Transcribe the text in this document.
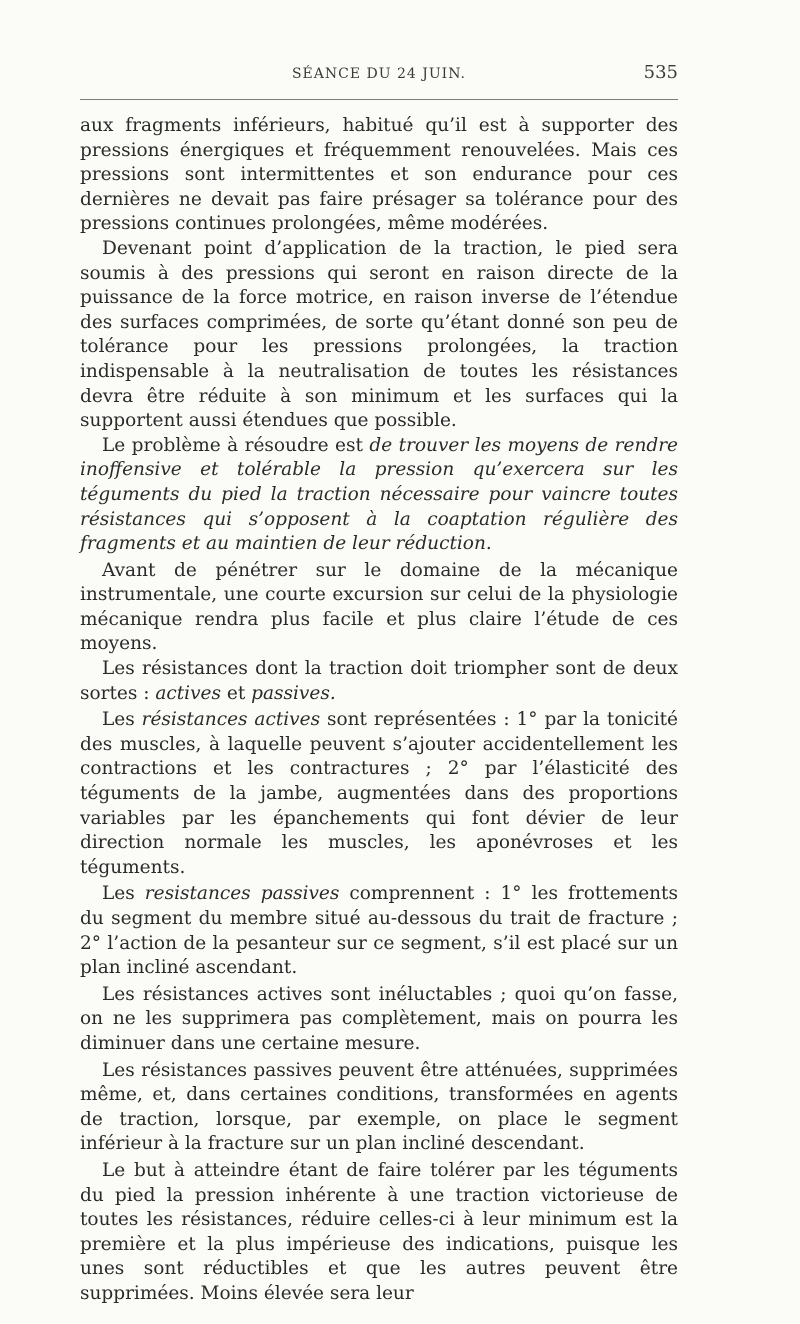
SÉANCE DU 24 JUIN.	535

aux fragments inférieurs, habitué qu’il est à supporter des pressions énergiques et fréquemment renouvelées. Mais ces pressions sont intermittentes et son endurance pour ces dernières ne devait pas faire présager sa tolérance pour des pressions continues prolongées, même modérées.

Devenant point d’application de la traction, le pied sera soumis à des pressions qui seront en raison directe de la puissance de la force motrice, en raison inverse de l’étendue des surfaces comprimées, de sorte qu’étant donné son peu de tolérance pour les pressions prolongées, la traction indispensable à la neutralisation de toutes les résistances devra être réduite à son minimum et les surfaces qui la supportent aussi étendues que possible.

Le problème à résoudre est de trouver les moyens de rendre inoffensive et tolérable la pression qu’exercera sur les téguments du pied la traction nécessaire pour vaincre toutes résistances qui s’opposent à la coaptation régulière des fragments et au maintien de leur réduction.

Avant de pénétrer sur le domaine de la mécanique instrumentale, une courte excursion sur celui de la physiologie mécanique rendra plus facile et plus claire l’étude de ces moyens.

Les résistances dont la traction doit triompher sont de deux sortes : actives et passives.

Les résistances actives sont représentées : 1° par la tonicité des muscles, à laquelle peuvent s’ajouter accidentellement les contractions et les contractures ; 2° par l’élasticité des téguments de la jambe, augmentées dans des proportions variables par les épanchements qui font dévier de leur direction normale les muscles, les aponévroses et les téguments.

Les resistances passives comprennent : 1° les frottements du segment du membre situé au-dessous du trait de fracture ; 2° l’action de la pesanteur sur ce segment, s’il est placé sur un plan incliné ascendant.

Les résistances actives sont inéluctables ; quoi qu’on fasse, on ne les supprimera pas complètement, mais on pourra les diminuer dans une certaine mesure.

Les résistances passives peuvent être atténuées, supprimées même, et, dans certaines conditions, transformées en agents de traction, lorsque, par exemple, on place le segment inférieur à la fracture sur un plan incliné descendant.

Le but à atteindre étant de faire tolérer par les téguments du pied la pression inhérente à une traction victorieuse de toutes les résistances, réduire celles-ci à leur minimum est la première et la plus impérieuse des indications, puisque les unes sont réductibles et que les autres peuvent être supprimées. Moins élevée sera leur
